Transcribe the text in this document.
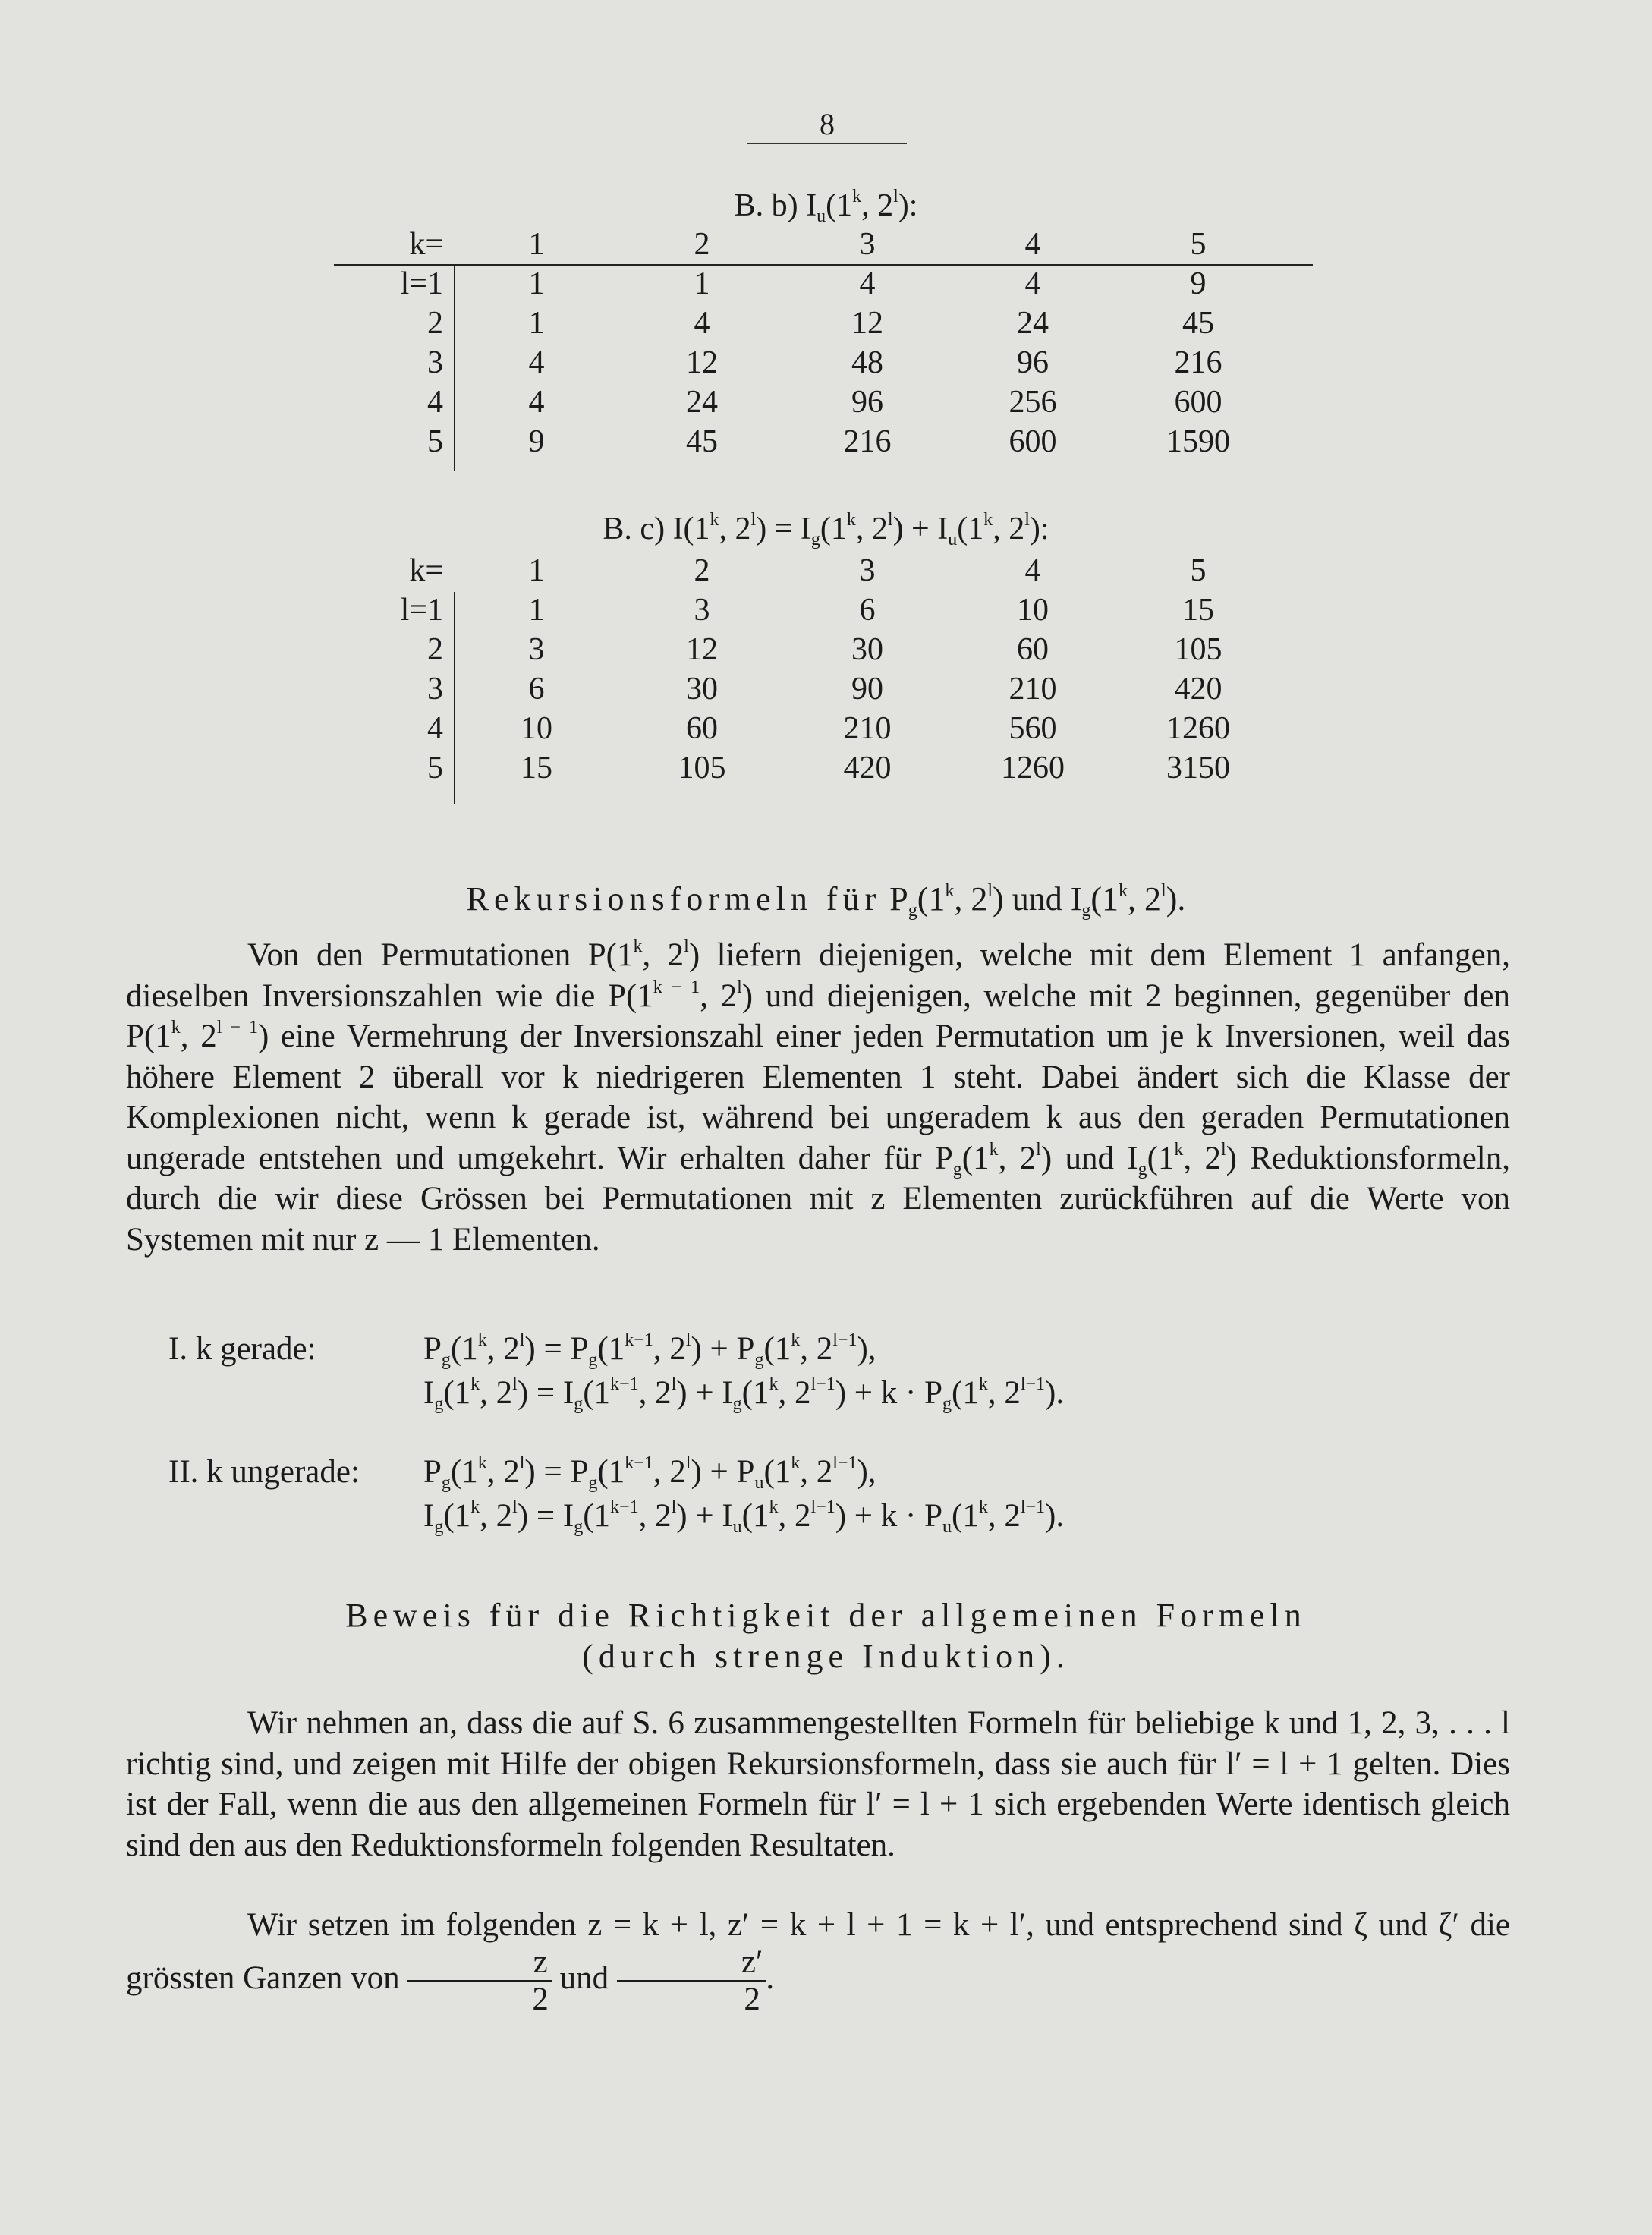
8
B. b) $I_u(1^k$, 2$^l$):
k=	1	2	3	4	5
l=1	1	1	4	4	9
2	1	4	12	24	45
3	4	12	48	96	216
4	4	24	96	256	600
5	9	45	216	600	1590
B. c) I(1$^k$, $2^l) = I_g(1^k$, $2^l) + I_u(1^k$, 2$^l$):
k=	1	2	3	4	5
l=1	1	3	6	10	15
2	3	12	30	60	105
3	6	30	90	210	420
4	10	60	210	560	1260
5	15	105	420	1260	3150
Rekursionsformeln für $P_g(1^k$, 2$^l$) und $I_g(1^k$, 2$^l$).
Von den Permutationen P(1$^k$, 2$^l$) liefern diejenigen, welche mit dem Element 1 anfangen, dieselben Inversionszahlen wie die $P(1^{k - 1}$, 2$^l$) und diejenigen, welche mit 2 beginnen, gegenüber den P(1$^k$, $2^{l - 1}$) eine Vermehrung der Inversionszahl einer jeden Permutation um je k Inversionen, weil das höhere Element 2 überall vor k niedrigeren Elementen 1 steht. Dabei ändert sich die Klasse der Komplexionen nicht, wenn k gerade ist, während bei ungeradem k aus den geraden Permutationen ungerade entstehen und umgekehrt. Wir erhalten daher für $P_g(1^k$, 2$^l$) und $I_g(1^k$, 2$^l$) Reduktionsformeln, durch die wir diese Grössen bei Permutationen mit z Elementen zurückführen auf die Werte von Systemen mit nur z — 1 Elementen.
I. k gerade:	$P_g(1^k$, $2^l) = P_g(1^{k-1}$, $2^l) + P_g(1^k$, $2^{l-1}$),
$I_g(1^k$, $2^l) = I_g(1^{k-1}$, $2^l) + I_g(1^k$, $2^{l-1}) + k \cdot P_g(1^k$, $2^{l-1}$).
II. k ungerade: $P_g(1^k$, $2^l) = P_g(1^{k-1}$, $2^l) + P_u(1^k$, $2^{l-1}$),
$I_g(1^k$, $2^l) = I_g(1^{k-1}$, $2^l) + I_u(1^k$, $2^{l-1}) + k \cdot P_u(1^k$, $2^{l-1}$).
Beweis für die Richtigkeit der allgemeinen Formeln
(durch strenge Induktion).
Wir nehmen an, dass die auf S. 6 zusammengestellten Formeln für beliebige k und 1, 2, 3, . . . l richtig sind, und zeigen mit Hilfe der obigen Rekursionsformeln, dass sie auch für l′ = l + 1 gelten. Dies ist der Fall, wenn die aus den allgemeinen Formeln für l′ = l + 1 sich ergebenden Werte identisch gleich sind den aus den Reduktionsformeln folgenden Resultaten.
Wir setzen im folgenden z = k + l, z′ = k + l + 1 = k + l′, und entsprechend sind ζ und ζ′ die grössten Ganzen von $\frac{z}{2}$ und $\frac{z'}{2}$ .
